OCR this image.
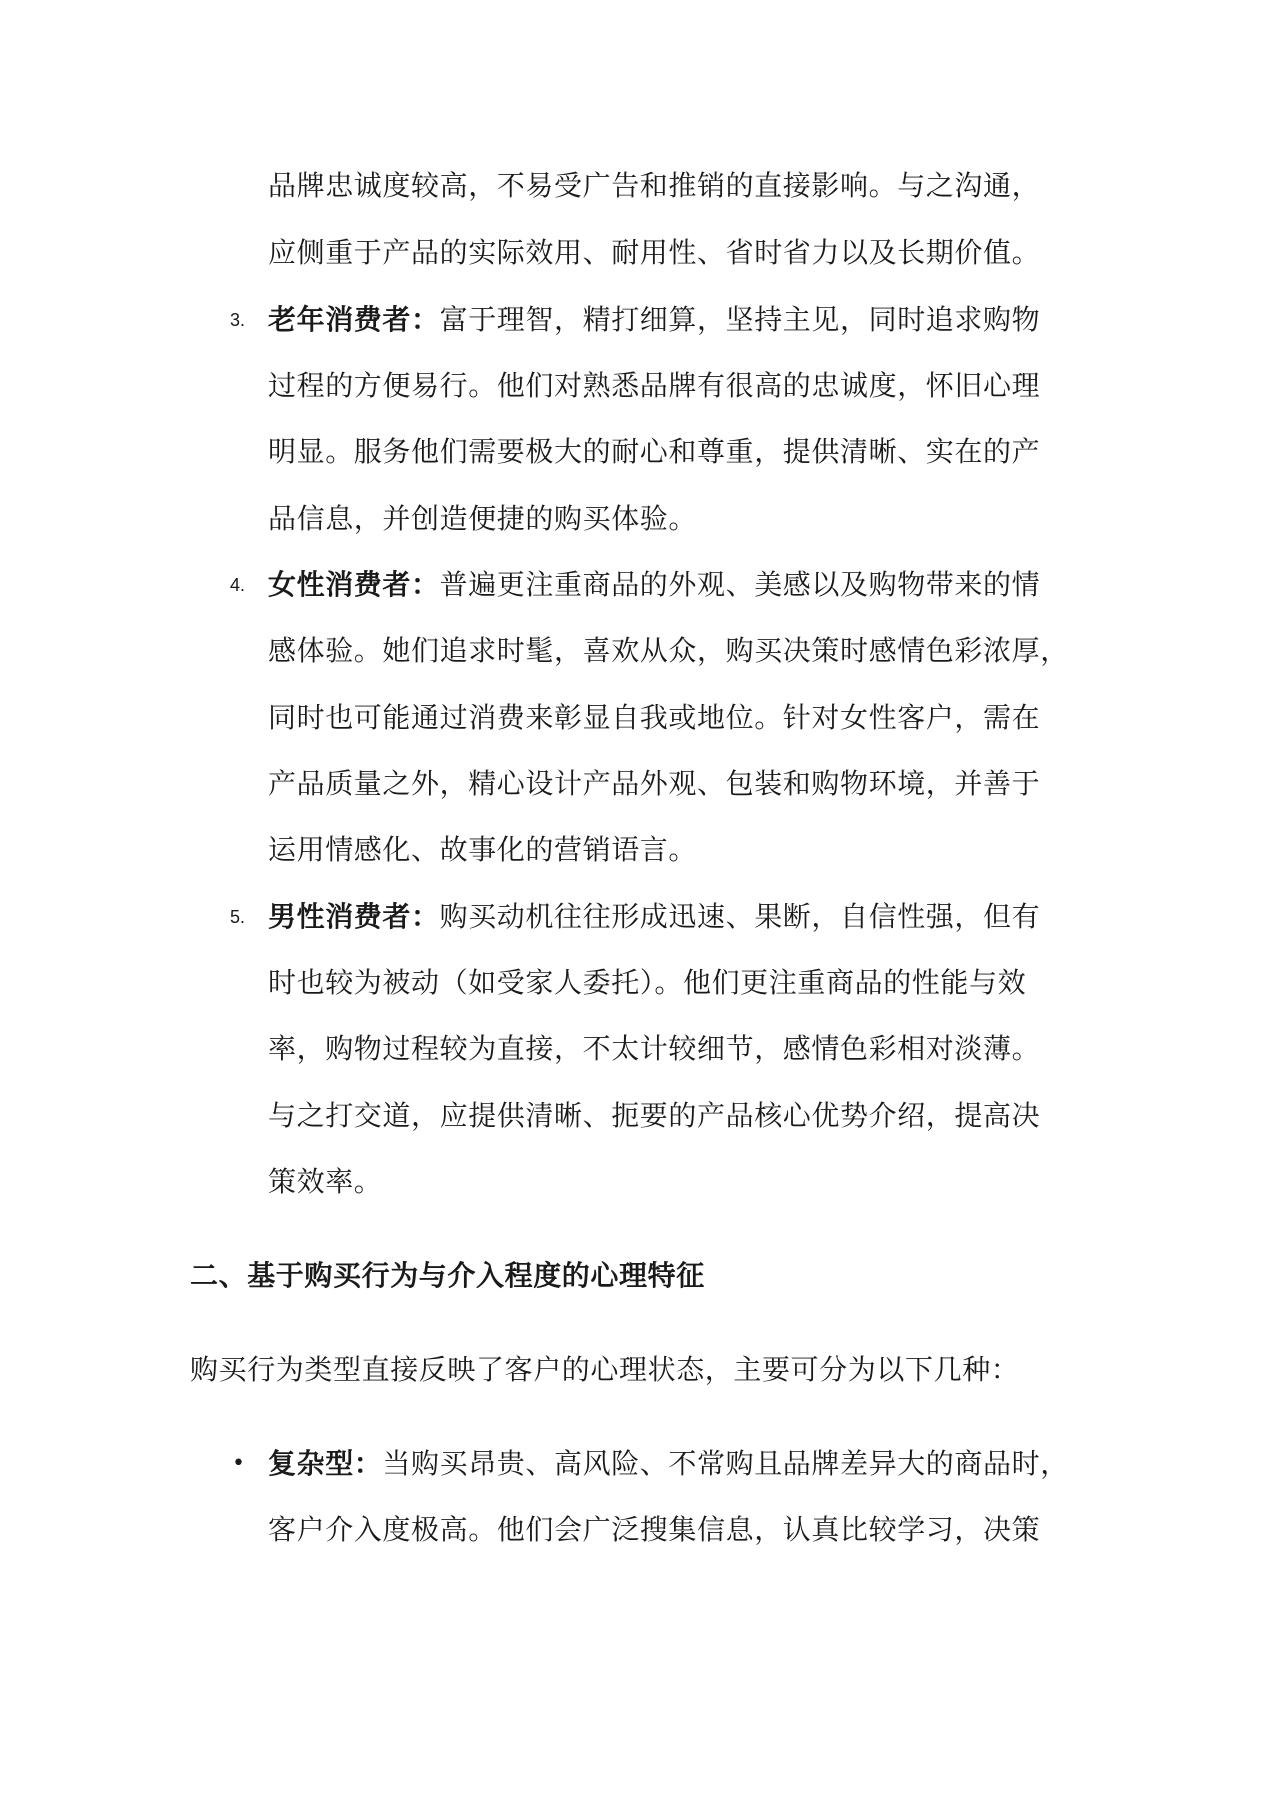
品牌忠诚度较高，不易受广告和推销的直接影响。与之沟通，
应侧重于产品的实际效用、耐用性、省时省力以及长期价值。
3. 老年消费者：富于理智，精打细算，坚持主见，同时追求购物
过程的方便易行。他们对熟悉品牌有很高的忠诚度，怀旧心理
明显。服务他们需要极大的耐心和尊重，提供清晰、实在的产
品信息，并创造便捷的购买体验。
4. 女性消费者：普遍更注重商品的外观、美感以及购物带来的情
感体验。她们追求时髦，喜欢从众，购买决策时感情色彩浓厚，
同时也可能通过消费来彰显自我或地位。针对女性客户，需在
产品质量之外，精心设计产品外观、包装和购物环境，并善于
运用情感化、故事化的营销语言。
5. 男性消费者：购买动机往往形成迅速、果断，自信性强，但有
时也较为被动（如受家人委托）。他们更注重商品的性能与效
率，购物过程较为直接，不太计较细节，感情色彩相对淡薄。
与之打交道，应提供清晰、扼要的产品核心优势介绍，提高决
策效率。
二、基于购买行为与介入程度的心理特征
购买行为类型直接反映了客户的心理状态，主要可分为以下几种：
• 复杂型：当购买昂贵、高风险、不常购且品牌差异大的商品时，
客户介入度极高。他们会广泛搜集信息，认真比较学习，决策
